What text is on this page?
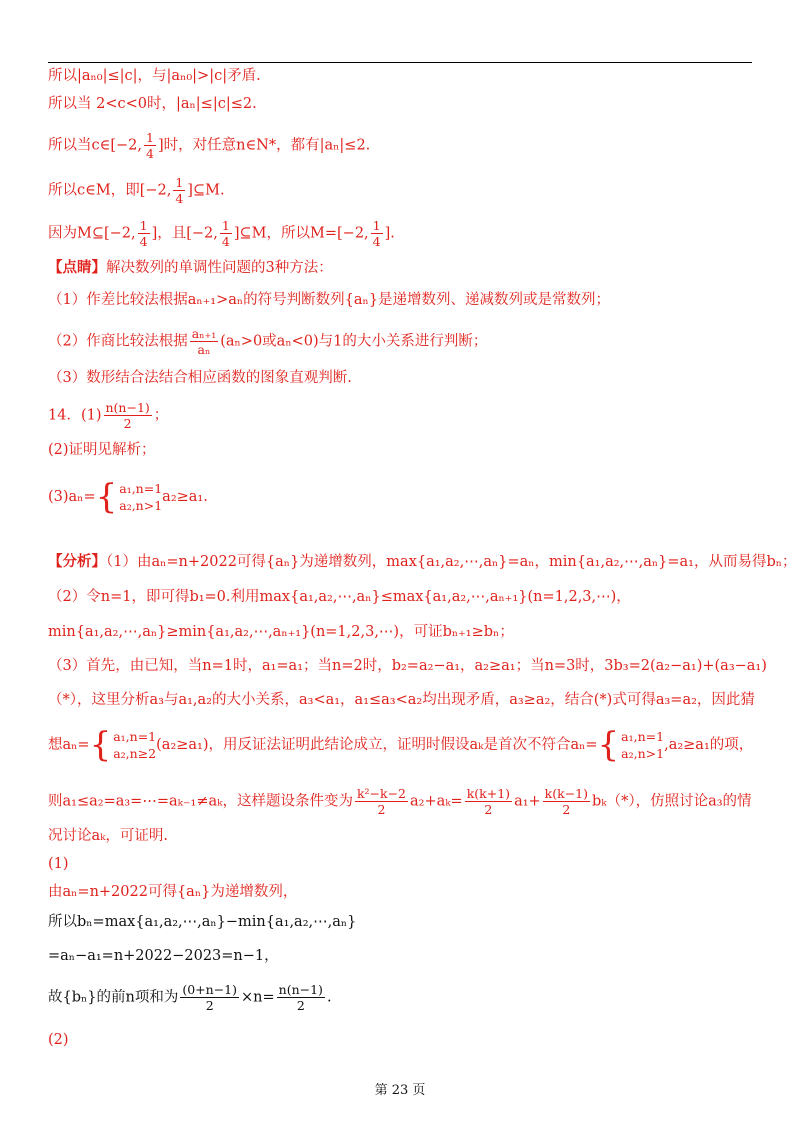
所以|aₙ₀|≤|c|，与|aₙ₀|>|c|矛盾.
所以当 2<c<0时，|aₙ|≤|c|≤2.
所以当c∈[−2, $\frac{1}{4}$ ]时，对任意n∈N*，都有|aₙ|≤2.
所以c∈M，即[−2, $\frac{1}{4}$ ]⊆M.
因为M⊆[−2, $\frac{1}{4}$ ]，且[−2, $\frac{1}{4}$ ]⊆M，所以M=[−2, $\frac{1}{4}$ ].
【点睛】解决数列的单调性问题的3种方法：
（1）作差比较法根据aₙ₊₁>aₙ的符号判断数列{aₙ}是递增数列、递减数列或是常数列；
（2）作商比较法根据 $\frac{\text{aₙ₊₁}}{\text{aₙ}} (a_n>0$或aₙ<0)与1的大小关系进行判断；
（3）数形结合法结合相应函数的图象直观判断.
14．$(1) \frac{n(n-1)}{2}$ ；
(2)证明见解析；
(3)aₙ= { a₁,n=1
a₂,n>1
a₂≥a₁.
【分析】（1）由aₙ=n+2022可得{aₙ}为递增数列，max{a₁,a₂,⋯,aₙ}=aₙ，min{a₁,a₂,⋯,aₙ}=a₁，从而易得bₙ；
（2）令n=1，即可得b₁=0.利用max{a₁,a₂,⋯,aₙ}≤max{a₁,a₂,⋯,aₙ₊₁}(n=1,2,3,⋯)，
min{a₁,a₂,⋯,aₙ}≥min{a₁,a₂,⋯,aₙ₊₁}(n=1,2,3,⋯)，可证bₙ₊₁≥bₙ；
（3）首先，由已知，当n=1时，a₁=a₁；当n=2时，b₂=a₂−a₁，a₂≥a₁；当n=3时，3b₃=2(a₂−a₁)+(a₃−a₁)
（*），这里分析a₃与a₁,a₂的大小关系，a₃<a₁，a₁≤a₃<a₂均出现矛盾，a₃≥a₂，结合(*)式可得a₃=a₂，因此猜
想aₙ= { a₁,n=1
a₂,n≥2
(a₂≥a₁)，用反证法证明此结论成立，证明时假设aₖ是首次不符合aₙ= { a₁,n=1
a₂,n>1
,a₂≥a₁的项，
则a₁≤a₂=a₃=⋯=aₖ₋₁≠aₖ，这样题设条件变为 $\frac{\text{k²−k−2}}{2} a_2+a_k= \frac{k(k+1)}{2} a_1+ \frac{k(k-1)}{2} b_k(*)$，仿照讨论a₃的情
况讨论aₖ，可证明.
(1)
由aₙ=n+2022可得{aₙ}为递增数列，
所以bₙ=max{a₁,a₂,⋯,aₙ}−min{a₁,a₂,⋯,aₙ}
=aₙ−a₁=n+2022−2023=n−1，
故{bₙ}的前n项和为 $\frac{(0+n-1)}{2} \times n= \frac{n(n-1)}{2}$ .
(2)
第 23 页
